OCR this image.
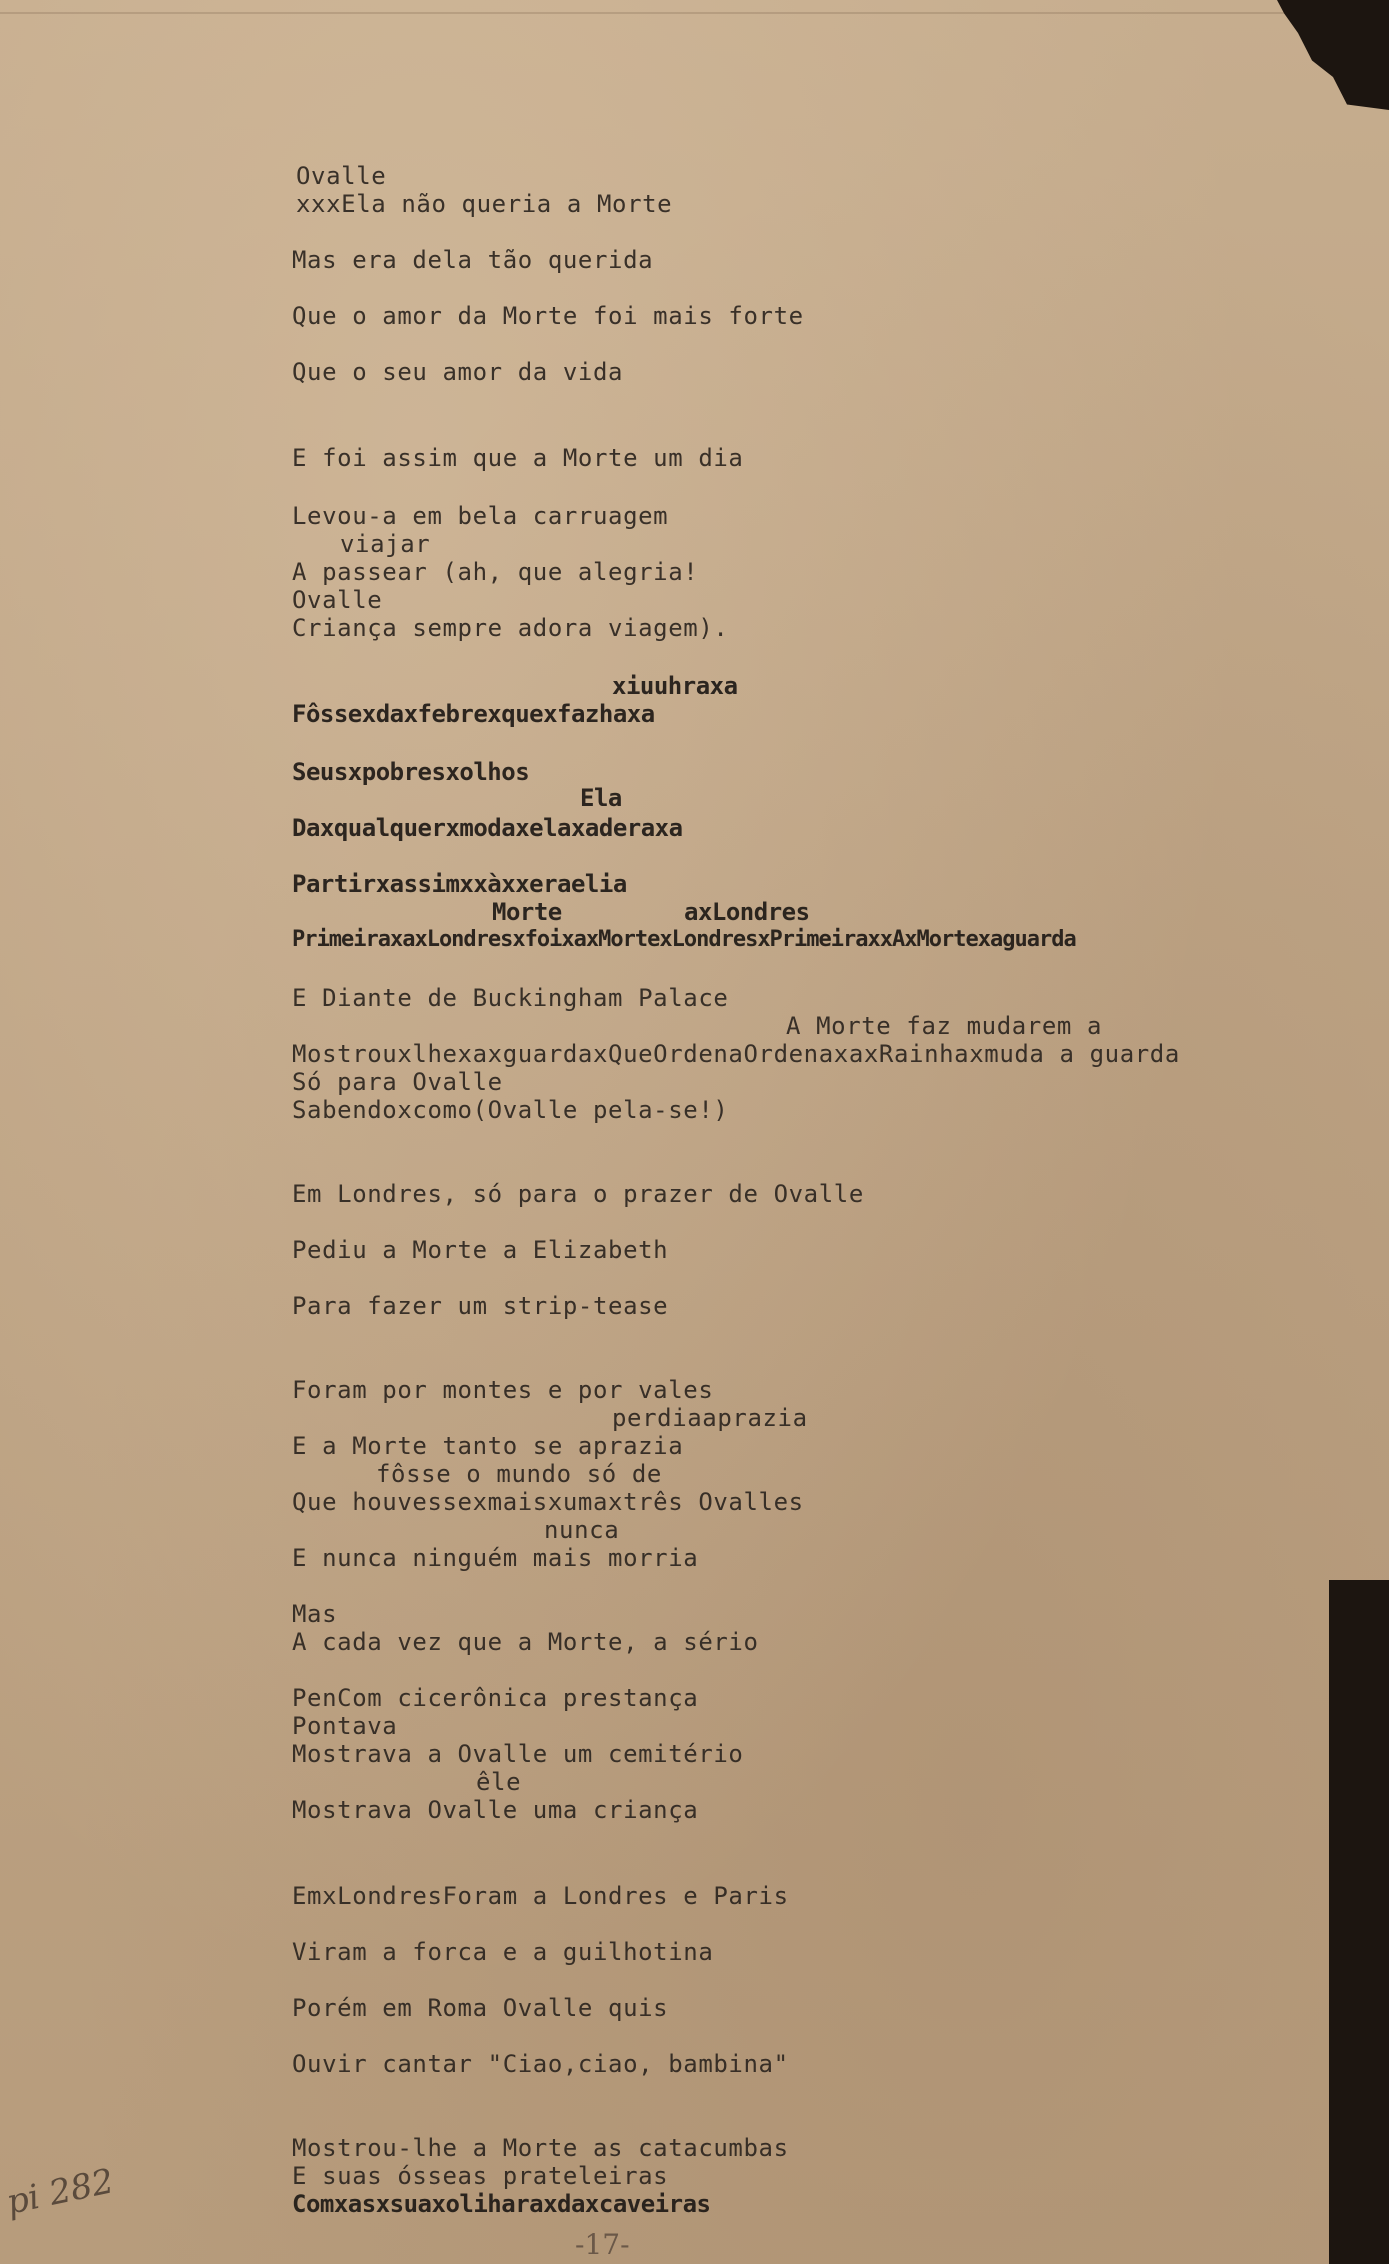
Ovalle
xxxEla não queria a Morte
Mas era dela tão querida
Que o amor da Morte foi mais forte
Que o seu amor da vida
E foi assim que a Morte um dia
Levou-a em bela carruagem
viajar
A passear (ah, que alegria!
Ovalle
Criança sempre adora viagem).
xiuuhraxa
Fôssexdaxfebrexquexfazhaxa
Seusxpobresxolhos
Ela
Daxqualquerxmodaxelaxaderaxa
Partirxassimxxàxxeraelia
Morte	axLondres
PrimeiraxaxLondresxfoixaxMortexLondresxPrimeiraxxAxMortexaguarda
E Diante de Buckingham Palace
A Morte faz mudarem a
MostrouxlhexaxguardaxQueOrdenaOrdenaxaxRainhaxmuda a guarda
Só para Ovalle
Sabendoxcomo(Ovalle pela-se!)
Em Londres, só para o prazer de Ovalle
Pediu a Morte a Elizabeth
Para fazer um strip-tease
Foram por montes e por vales
perdiaaprazia
E a Morte tanto se aprazia
fôsse o mundo só de
Que houvessexmaisxumaxtrês Ovalles
nunca
E nunca ninguém mais morria
Mas
A cada vez que a Morte, a sério
PenCom cicerônica prestança
Pontava
Mostrava a Ovalle um cemitério
êle
Mostrava Ovalle uma criança
EmxLondresForam a Londres e Paris
Viram a forca e a guilhotina
Porém em Roma Ovalle quis
Ouvir cantar "Ciao,ciao, bambina"
Mostrou-lhe a Morte as catacumbas
E suas ósseas prateleiras
Comxasxsuaxoliharaxdaxcaveiras
pi 282
-17-
